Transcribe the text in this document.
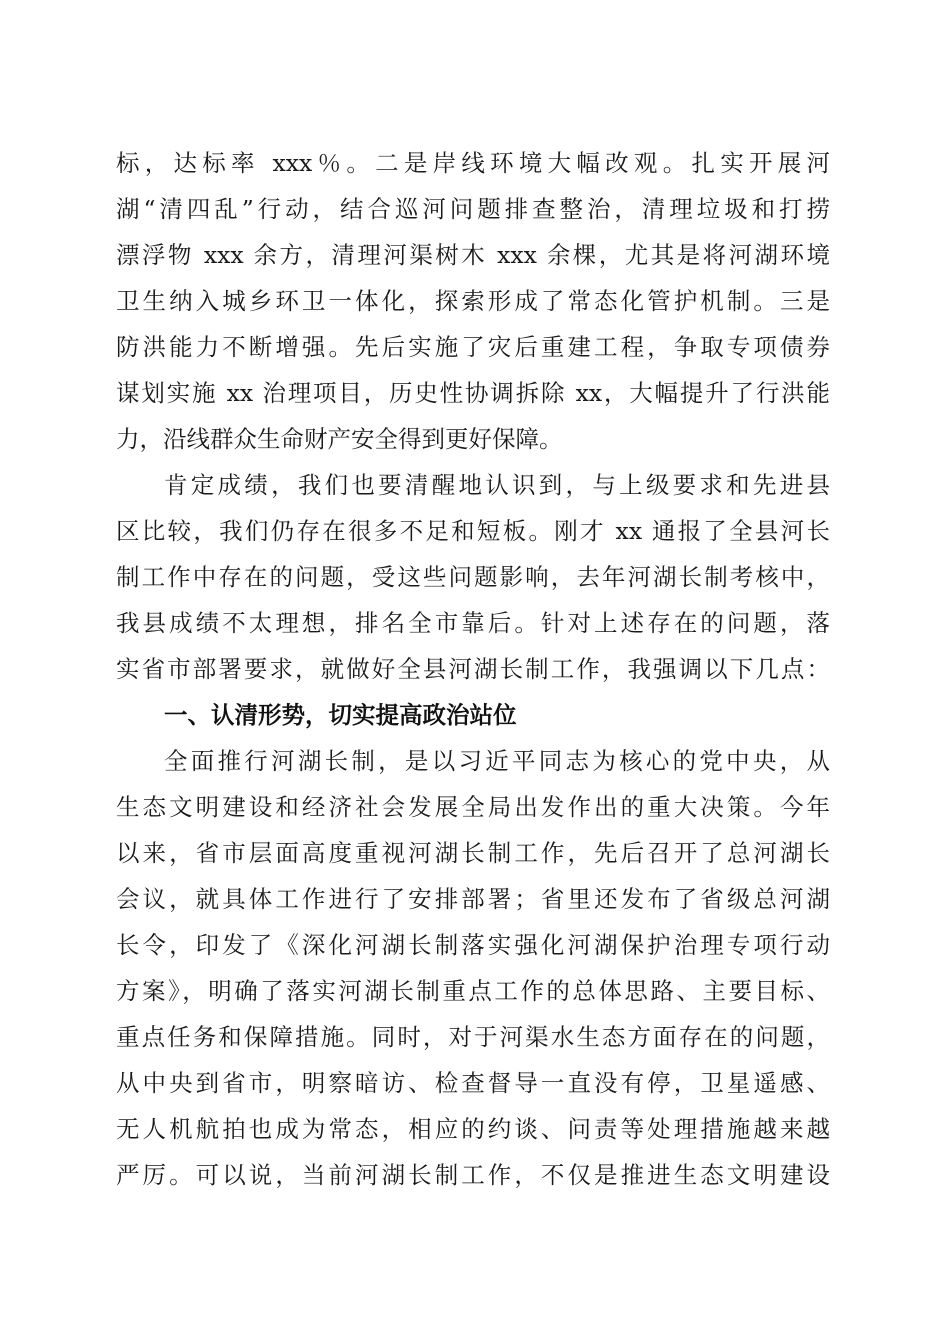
标，达标率 xxx％。二是岸线环境大幅改观。扎实开展河
湖“清四乱”行动，结合巡河问题排查整治，清理垃圾和打捞
漂浮物 xxx 余方，清理河渠树木 xxx 余棵，尤其是将河湖环境
卫生纳入城乡环卫一体化，探索形成了常态化管护机制。三是
防洪能力不断增强。先后实施了灾后重建工程，争取专项债券
谋划实施 xx 治理项目，历史性协调拆除 xx，大幅提升了行洪能
力，沿线群众生命财产安全得到更好保障。
肯定成绩，我们也要清醒地认识到，与上级要求和先进县
区比较，我们仍存在很多不足和短板。刚才 xx 通报了全县河长
制工作中存在的问题，受这些问题影响，去年河湖长制考核中，
我县成绩不太理想，排名全市靠后。针对上述存在的问题，落
实省市部署要求，就做好全县河湖长制工作，我强调以下几点：
一、认清形势，切实提高政治站位
全面推行河湖长制，是以习近平同志为核心的党中央，从
生态文明建设和经济社会发展全局出发作出的重大决策。今年
以来，省市层面高度重视河湖长制工作，先后召开了总河湖长
会议，就具体工作进行了安排部署；省里还发布了省级总河湖
长令，印发了《深化河湖长制落实强化河湖保护治理专项行动
方案》，明确了落实河湖长制重点工作的总体思路、主要目标、
重点任务和保障措施。同时，对于河渠水生态方面存在的问题，
从中央到省市，明察暗访、检查督导一直没有停，卫星遥感、
无人机航拍也成为常态，相应的约谈、问责等处理措施越来越
严厉。可以说，当前河湖长制工作，不仅是推进生态文明建设
